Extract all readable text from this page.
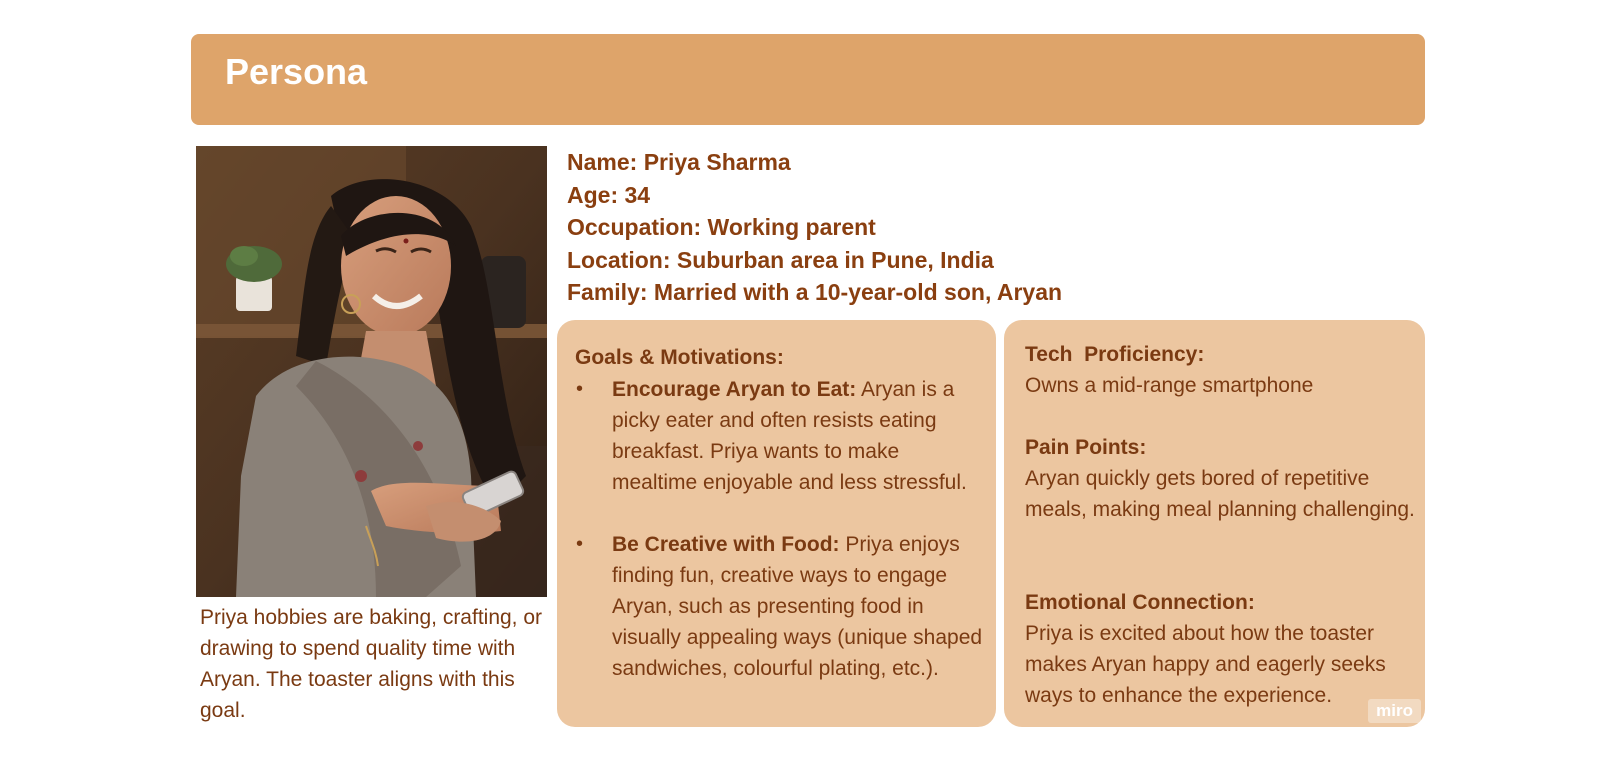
Persona
Priya hobbies are baking, crafting, or drawing to spend quality time with Aryan. The toaster aligns with this goal.
Name: Priya Sharma
Age: 34
Occupation: Working parent
Location: Suburban area in Pune, India
Family: Married with a 10-year-old son, Aryan
Goals & Motivations:
• Encourage Aryan to Eat: Aryan is a picky eater and often resists eating breakfast. Priya wants to make mealtime enjoyable and less stressful.
• Be Creative with Food: Priya enjoys finding fun, creative ways to engage Aryan, such as presenting food in visually appealing ways (unique shaped sandwiches, colourful plating, etc.).
Tech  Proficiency:
Owns a mid-range smartphone
Pain Points:
Aryan quickly gets bored of repetitive meals, making meal planning challenging.
Emotional Connection:
Priya is excited about how the toaster makes Aryan happy and eagerly seeks ways to enhance the experience.
miro
